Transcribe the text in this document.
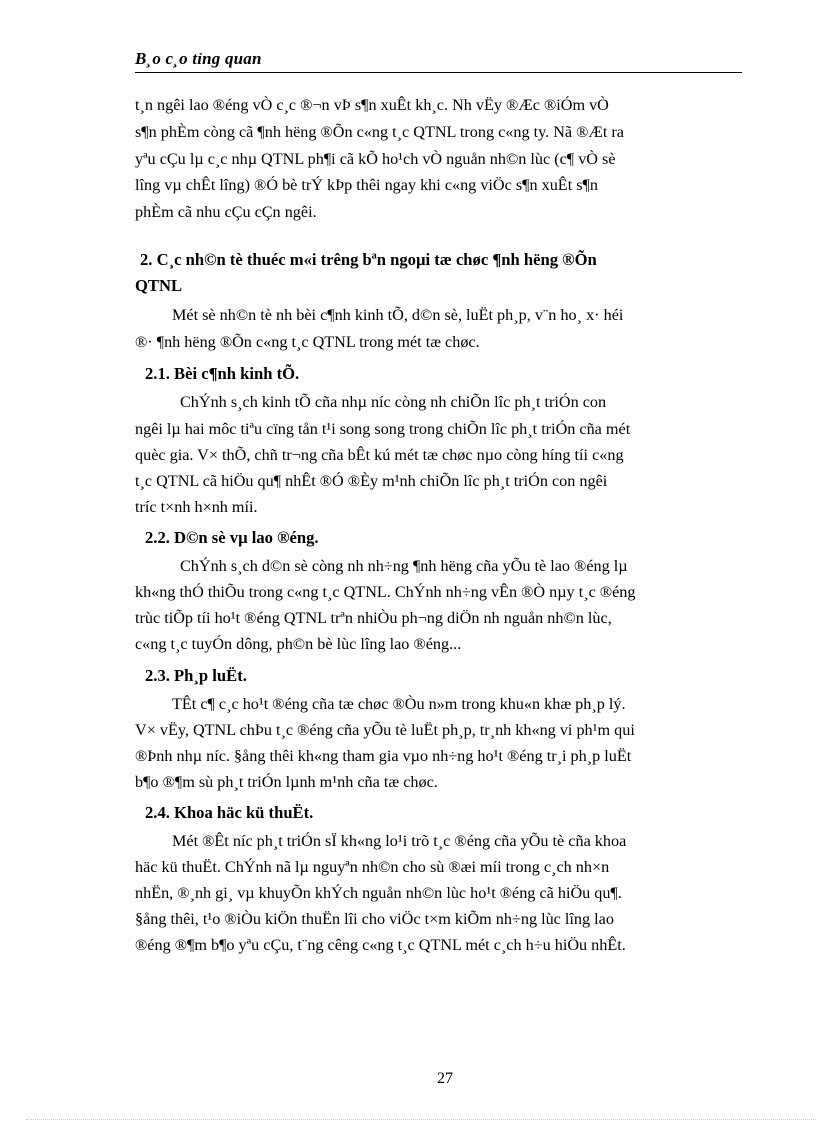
B¸o c¸o tỉng quan
t¸n ngêi lao ®éng vÒ c¸c ®¬n vÞ s¶n xuÊt kh¸c. Nh vËy ®Æc ®iÓm vÒ
s¶n phÈm còng cã ¶nh hëng ®Õn c«ng t¸c QTNL trong c«ng ty. Nã ®Æt ra
yªu cÇu lµ c¸c nhµ QTNL ph¶i cã kÕ ho¹ch vÒ nguån nh©n lùc (c¶ vÒ sè
lîng vµ chÊt lîng) ®Ó bè trÝ kÞp thêi ngay khi c«ng viÖc s¶n xuÊt s¶n
phÈm cã nhu cÇu cÇn ngêi.
2. C¸c nh©n tè thuéc m«i trêng bªn ngoµi tæ chøc ¶nh hëng ®Õn
QTNL
Mét sè nh©n tè nh bèi c¶nh kinh tÕ, d©n sè, luËt ph¸p, v¨n ho¸ x· héi
®· ¶nh hëng ®Õn c«ng t¸c QTNL trong mét tæ chøc.
2.1. Bèi c¶nh kinh tÕ.
ChÝnh s¸ch kinh tÕ cña nhµ níc còng nh chiÕn lîc ph¸t triÓn con
ngêi lµ hai môc tiªu cïng tån t¹i song song trong chiÕn lîc ph¸t triÓn cña mét
quèc gia. V× thÕ, chñ tr¬ng cña bÊt kú mét tæ chøc nµo còng híng tíi c«ng
t¸c QTNL cã hiÖu qu¶ nhÊt ®Ó ®Èy m¹nh chiÕn lîc ph¸t triÓn con ngêi
tríc t×nh h×nh míi.
2.2. D©n sè vµ lao ®éng.
ChÝnh s¸ch d©n sè còng nh nh÷ng ¶nh hëng cña yÕu tè lao ®éng lµ
kh«ng thÓ thiÕu trong c«ng t¸c QTNL. ChÝnh nh÷ng vÊn ®Ò nµy t¸c ®éng
trùc tiÕp tíi ho¹t ®éng QTNL trªn nhiÒu ph¬ng diÖn nh nguån nh©n lùc,
c«ng t¸c tuyÓn dông, ph©n bè lùc lîng lao ®éng...
2.3. Ph¸p luËt.
TÊt c¶ c¸c ho¹t ®éng cña tæ chøc ®Òu n»m trong khu«n khæ ph¸p lý.
V× vËy, QTNL chÞu t¸c ®éng cña yÕu tè luËt ph¸p, tr¸nh kh«ng vi ph¹m qui
®Þnh nhµ níc. §ång thêi kh«ng tham gia vµo nh÷ng ho¹t ®éng tr¸i ph¸p luËt
b¶o ®¶m sù ph¸t triÓn lµnh m¹nh cña tæ chøc.
2.4. Khoa häc kü thuËt.
Mét ®Êt níc ph¸t triÓn sÏ kh«ng lo¹i trõ t¸c ®éng cña yÕu tè cña khoa
häc kü thuËt. ChÝnh nã lµ nguyªn nh©n cho sù ®æi míi trong c¸ch nh×n
nhËn, ®¸nh gi¸ vµ khuyÕn khÝch nguån nh©n lùc ho¹t ®éng cã hiÖu qu¶.
§ång thêi, t¹o ®iÒu kiÖn thuËn lîi cho viÖc t×m kiÕm nh÷ng lùc lîng lao
®éng ®¶m b¶o yªu cÇu, t¨ng cêng c«ng t¸c QTNL mét c¸ch h÷u hiÖu nhÊt.
27
